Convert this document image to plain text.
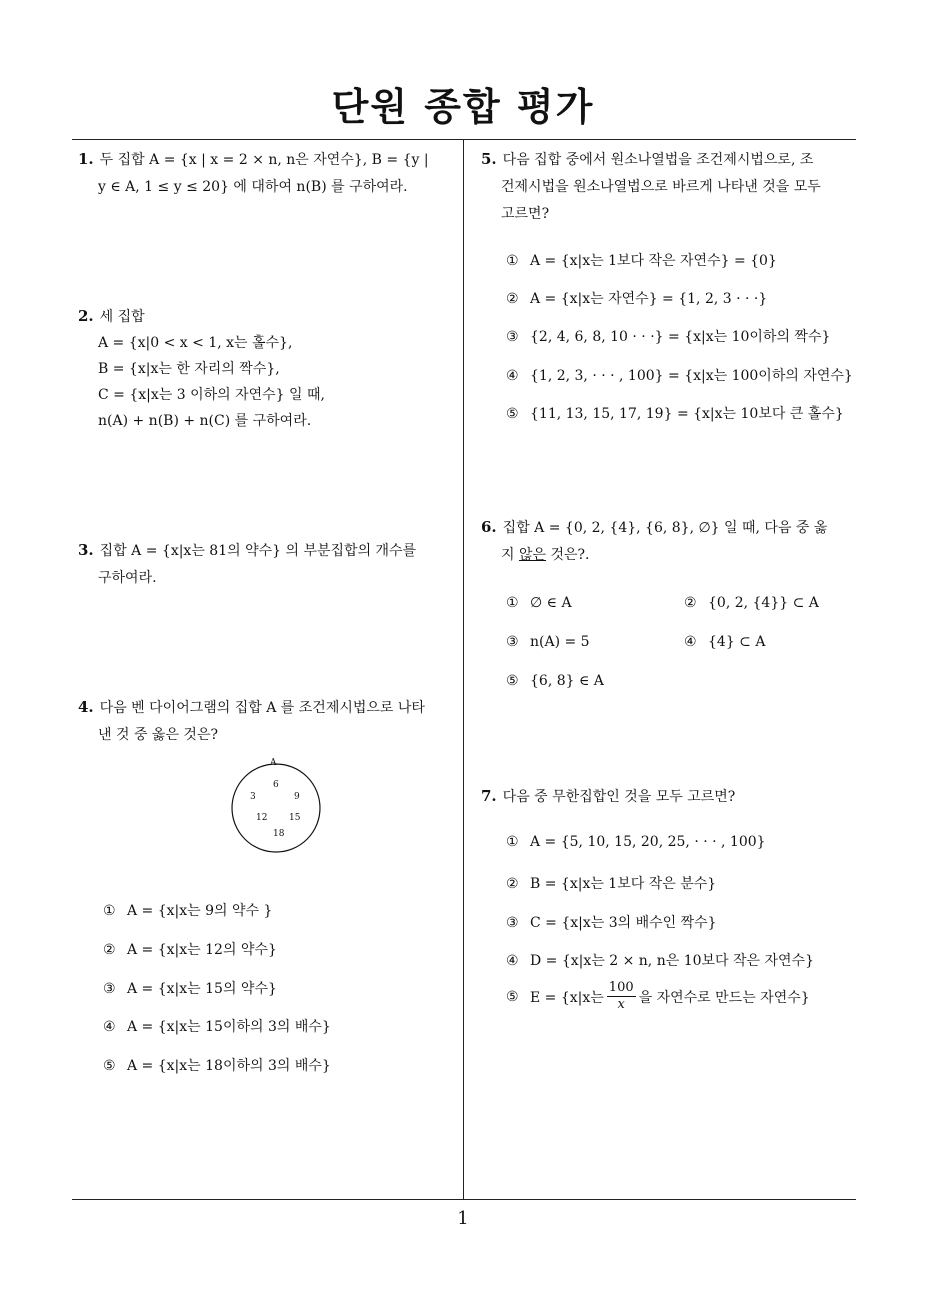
단원 종합 평가
1
1. 두 집합 A = {x | x = 2 × n, n은 자연수}, B = {y |
y ∈ A, 1 ≤ y ≤ 20} 에 대하여 n(B) 를 구하여라.
2. 세 집합
A = {x|0 < x < 1, x는 홀수},
B = {x|x는 한 자리의 짝수},
C = {x|x는 3 이하의 자연수} 일 때,
n(A) + n(B) + n(C) 를 구하여라.
3. 집합 A = {x|x는 81의 약수} 의 부분집합의 개수를
구하여라.
4. 다음 벤 다이어그램의 집합 A 를 조건제시법으로 나타
낸 것 중 옳은 것은?
A
6
3	9
12 15
18
① A = {x|x는 9의 약수 }
② A = {x|x는 12의 약수}
③ A = {x|x는 15의 약수}
④ A = {x|x는 15이하의 3의 배수}
⑤ A = {x|x는 18이하의 3의 배수}
5. 다음 집합 중에서 원소나열법을 조건제시법으로, 조
건제시법을 원소나열법으로 바르게 나타낸 것을 모두
고르면?
① A = {x|x는 1보다 작은 자연수} = {0}
② A = {x|x는 자연수} = {1, 2, 3 · · ·}
③ {2, 4, 6, 8, 10 · · ·} = {x|x는 10이하의 짝수}
④ {1, 2, 3, · · · , 100} = {x|x는 100이하의 자연수}
⑤ {11, 13, 15, 17, 19} = {x|x는 10보다 큰 홀수}
6. 집합 A = {0, 2, {4}, {6, 8}, ∅} 일 때, 다음 중 옳
지 않은 것은?.
① ∅ ∈ A	② {0, 2, {4}} ⊂ A
③ n(A) = 5	④ {4} ⊂ A
⑤ {6, 8} ∈ A
7. 다음 중 무한집합인 것을 모두 고르면?
① A = {5, 10, 15, 20, 25, · · · , 100}
② B = {x|x는 1보다 작은 분수}
③ C = {x|x는 3의 배수인 짝수}
④ D = {x|x는 2 × n, n은 10보다 작은 자연수}
⑤ E = {x|x는 $\frac{100}{x}$ 을 자연수로 만드는 자연수}
